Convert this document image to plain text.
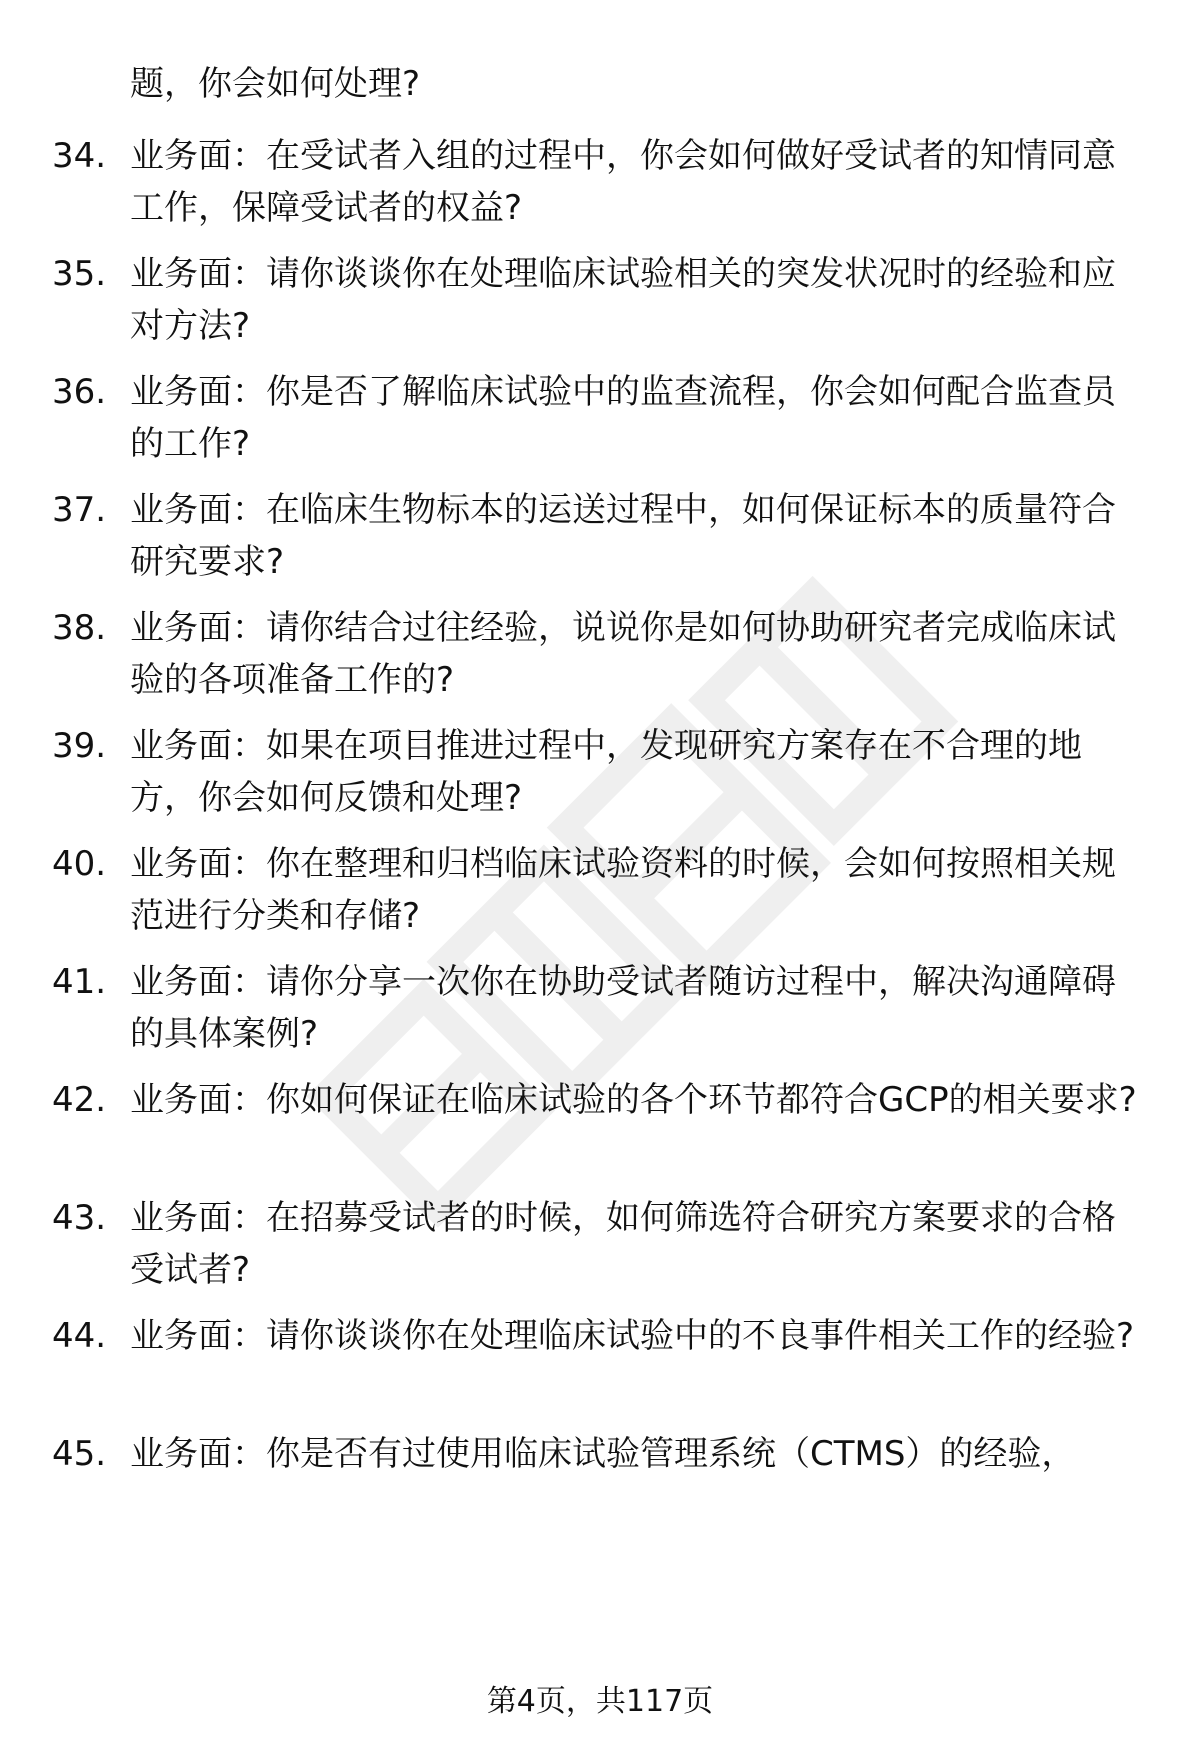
题，你会如何处理?

34. 业务面：在受试者入组的过程中，你会如何做好受试者的知情同意工作，保障受试者的权益?

35. 业务面：请你谈谈你在处理临床试验相关的突发状况时的经验和应对方法?

36. 业务面：你是否了解临床试验中的监查流程，你会如何配合监查员的工作?

37. 业务面：在临床生物标本的运送过程中，如何保证标本的质量符合研究要求?

38. 业务面：请你结合过往经验，说说你是如何协助研究者完成临床试验的各项准备工作的?

39. 业务面：如果在项目推进过程中，发现研究方案存在不合理的地方，你会如何反馈和处理?

40. 业务面：你在整理和归档临床试验资料的时候，会如何按照相关规范进行分类和存储?

41. 业务面：请你分享一次你在协助受试者随访过程中，解决沟通障碍的具体案例?

42. 业务面：你如何保证在临床试验的各个环节都符合GCP的相关要求?

43. 业务面：在招募受试者的时候，如何筛选符合研究方案要求的合格受试者?

44. 业务面：请你谈谈你在处理临床试验中的不良事件相关工作的经验?

45. 业务面：你是否有过使用临床试验管理系统（CTMS）的经验，

第4页，共117页
